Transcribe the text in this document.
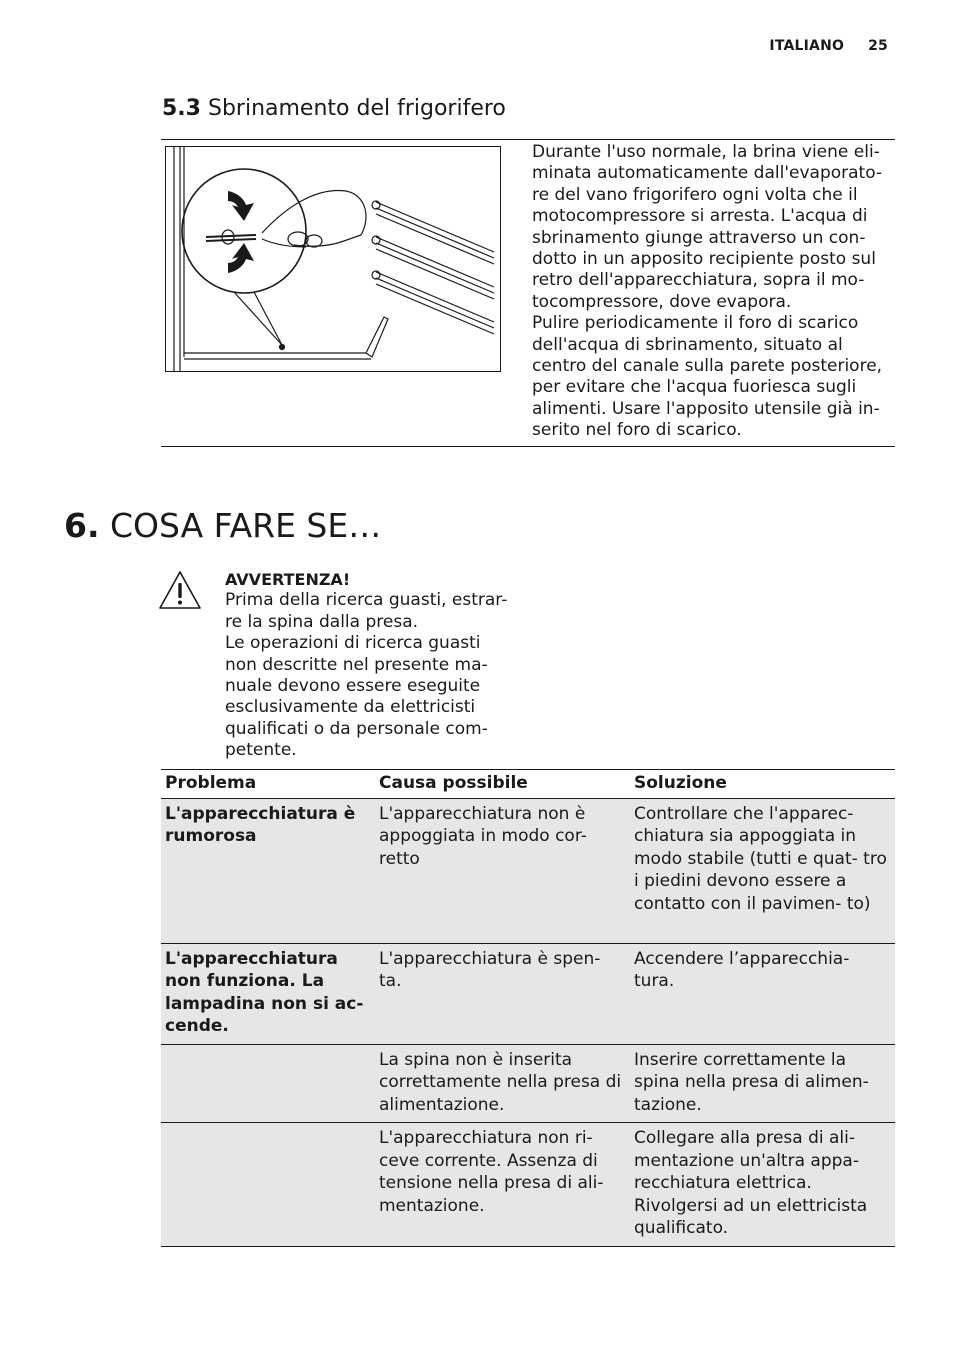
ITALIANO 25
5.3 Sbrinamento del frigorifero

Durante l'uso normale, la brina viene eli- minata automaticamente dall'evaporato- re del vano frigorifero ogni volta che il motocompressore si arresta. L'acqua di sbrinamento giunge attraverso un con- dotto in un apposito recipiente posto sul retro dell'apparecchiatura, sopra il mo- tocompressore, dove evapora.

Pulire periodicamente il foro di scarico dell'acqua di sbrinamento, situato al centro del canale sulla parete posteriore, per evitare che l'acqua fuoriesca sugli alimenti. Usare l'apposito utensile già in- serito nel foro di scarico.

6. COSA FARE SE…

AVVERTENZA!

Prima della ricerca guasti, estrar- re la spina dalla presa.

Le operazioni di ricerca guasti non descritte nel presente ma- nuale devono essere eseguite esclusivamente da elettricisti qualificati o da personale com- petente.

Problema	Causa possibile	Soluzione
L'apparecchiatura è rumorosa	L'apparecchiatura non è appoggiata in modo cor- retto	Controllare che l'apparec- chiatura sia appoggiata in modo stabile (tutti e quat- tro i piedini devono essere a contatto con il pavimen- to)
L'apparecchiatura non funziona. La lampadina non si ac- cende.	L'apparecchiatura è spen- ta.	Accendere l’apparecchia- tura.
	La spina non è inserita correttamente nella presa di alimentazione.	Inserire correttamente la spina nella presa di alimen- tazione.
	L'apparecchiatura non ri- ceve corrente. Assenza di tensione nella presa di ali- mentazione.	Collegare alla presa di ali- mentazione un'altra appa- recchiatura elettrica. Rivolgersi ad un elettricista qualificato.
